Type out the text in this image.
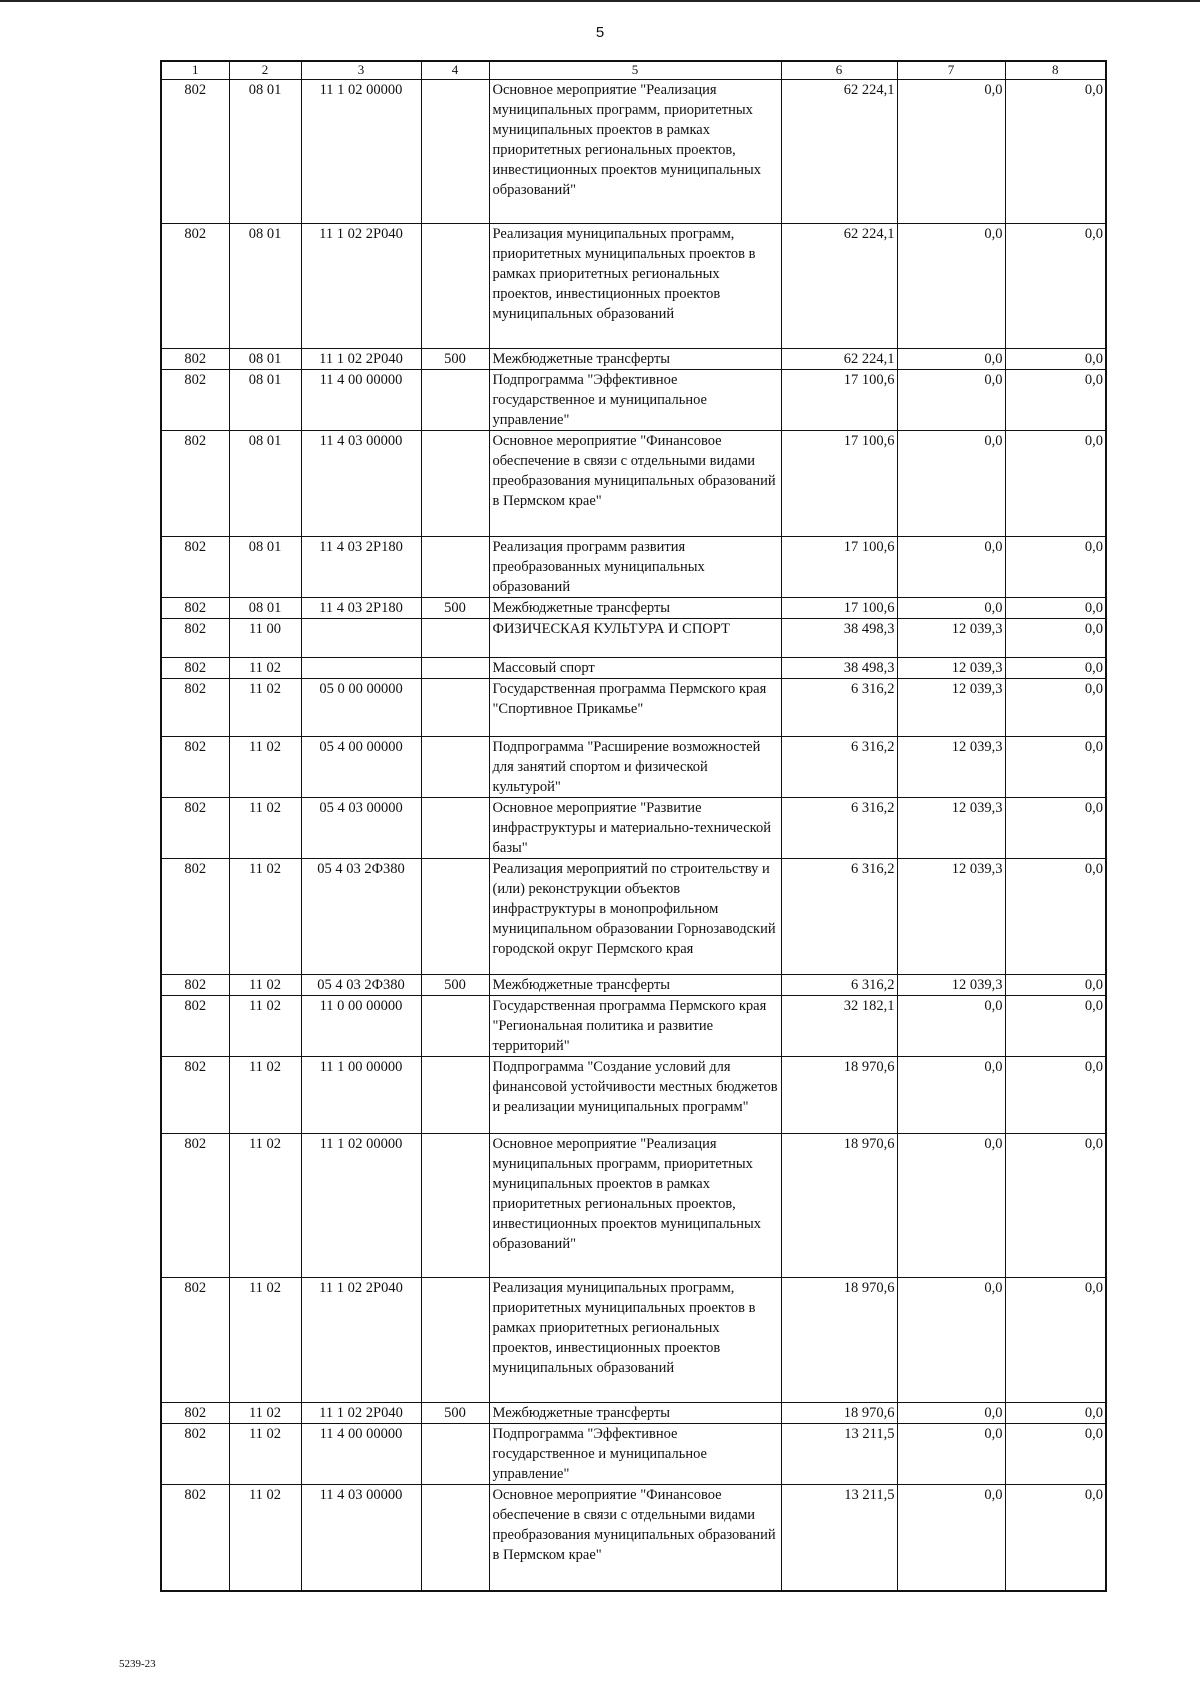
5
1	2	3	4	5	6	7	8
802	08 01	11 1 02 00000		Основное мероприятие "Реализация муниципальных программ, приоритетных муниципальных проектов в рамках приоритетных региональных проектов, инвестиционных проектов муниципальных образований"	62 224,1	0,0	0,0
802	08 01	11 1 02 2P040		Реализация муниципальных программ, приоритетных муниципальных проектов в рамках приоритетных региональных проектов, инвестиционных проектов муниципальных образований	62 224,1	0,0	0,0
802	08 01	11 1 02 2P040	500	Межбюджетные трансферты	62 224,1	0,0	0,0
802	08 01	11 4 00 00000		Подпрограмма "Эффективное государственное и муниципальное управление"	17 100,6	0,0	0,0
802	08 01	11 4 03 00000		Основное мероприятие "Финансовое обеспечение в связи с отдельными видами преобразования муниципальных образований в Пермском крае"	17 100,6	0,0	0,0
802	08 01	11 4 03 2P180		Реализация программ развития преобразованных муниципальных образований	17 100,6	0,0	0,0
802	08 01	11 4 03 2P180	500	Межбюджетные трансферты	17 100,6	0,0	0,0
802	11 00			ФИЗИЧЕСКАЯ КУЛЬТУРА И СПОРТ	38 498,3	12 039,3	0,0
802	11 02			Массовый спорт	38 498,3	12 039,3	0,0
802	11 02	05 0 00 00000		Государственная программа Пермского края "Спортивное Прикамье"	6 316,2	12 039,3	0,0
802	11 02	05 4 00 00000		Подпрограмма "Расширение возможностей для занятий спортом и физической культурой"	6 316,2	12 039,3	0,0
802	11 02	05 4 03 00000		Основное мероприятие "Развитие инфраструктуры и материально-технической базы"	6 316,2	12 039,3	0,0
802	11 02	05 4 03 2Ф380		Реализация мероприятий по строительству и (или) реконструкции объектов инфраструктуры в монопрофильном муниципальном образовании Горнозаводский городской округ Пермского края	6 316,2	12 039,3	0,0
802	11 02	05 4 03 2Ф380	500	Межбюджетные трансферты	6 316,2	12 039,3	0,0
802	11 02	11 0 00 00000		Государственная программа Пермского края "Региональная политика и развитие территорий"	32 182,1	0,0	0,0
802	11 02	11 1 00 00000		Подпрограмма "Создание условий для финансовой устойчивости местных бюджетов и реализации муниципальных программ"	18 970,6	0,0	0,0
802	11 02	11 1 02 00000		Основное мероприятие "Реализация муниципальных программ, приоритетных муниципальных проектов в рамках приоритетных региональных проектов, инвестиционных проектов муниципальных образований"	18 970,6	0,0	0,0
802	11 02	11 1 02 2P040		Реализация муниципальных программ, приоритетных муниципальных проектов в рамках приоритетных региональных проектов, инвестиционных проектов муниципальных образований	18 970,6	0,0	0,0
802	11 02	11 1 02 2P040	500	Межбюджетные трансферты	18 970,6	0,0	0,0
802	11 02	11 4 00 00000		Подпрограмма "Эффективное государственное и муниципальное управление"	13 211,5	0,0	0,0
802	11 02	11 4 03 00000		Основное мероприятие "Финансовое обеспечение в связи с отдельными видами преобразования муниципальных образований в Пермском крае"	13 211,5	0,0	0,0
5239-23
